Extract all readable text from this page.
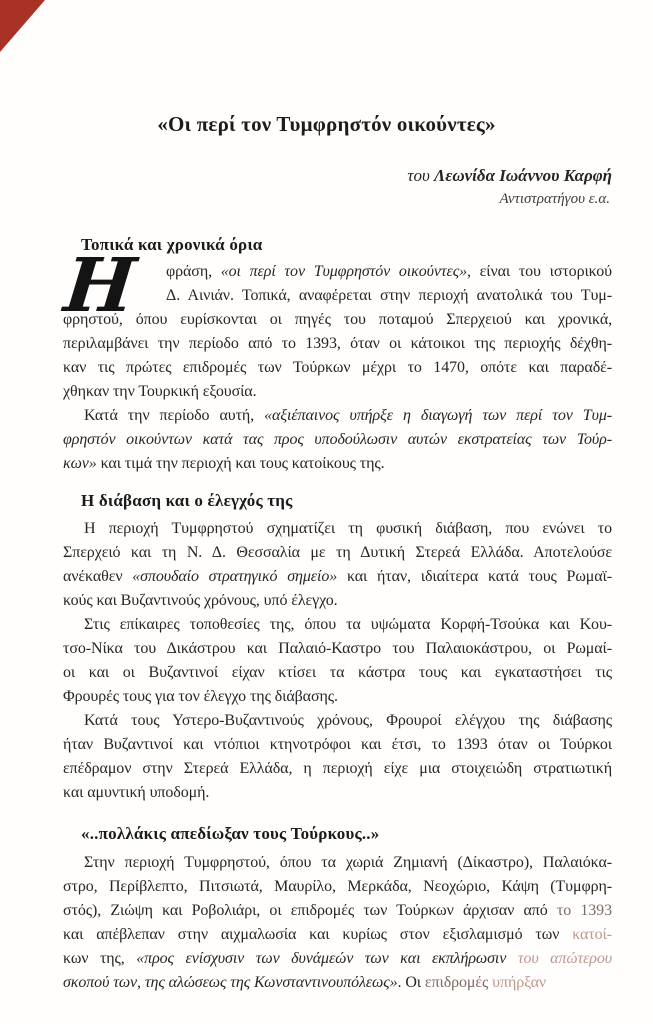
«Οι περί τον Τυμφρηστόν οικούντες»
του Λεωνίδα Ιωάννου Καρφή
Αντιστρατήγου ε.α.
Τοπικά και χρονικά όρια
Η φράση, «οι περί τον Τυμφρηστόν οικούντες», είναι του ιστορικού
Δ. Αινιάν. Τοπικά, αναφέρεται στην περιοχή ανατολικά του Τυμ-
φρηστού, όπου ευρίσκονται οι πηγές του ποταμού Σπερχειού και χρονικά,
περιλαμβάνει την περίοδο από το 1393, όταν οι κάτοικοι της περιοχής δέχθη-
καν τις πρώτες επιδρομές των Τούρκων μέχρι το 1470, οπότε και παραδέ-
χθηκαν την Τουρκική εξουσία.
Κατά την περίοδο αυτή, «αξιέπαινος υπήρξε η διαγωγή των περί τον Τυμ-
φρηστόν οικούντων κατά τας προς υποδούλωσιν αυτών εκστρατείας των Τούρ-
κων» και τιμά την περιοχή και τους κατοίκους της.
Η διάβαση και ο έλεγχός της
Η περιοχή Τυμφρηστού σχηματίζει τη φυσική διάβαση, που ενώνει το
Σπερχειό και τη Ν. Δ. Θεσσαλία με τη Δυτική Στερεά Ελλάδα. Αποτελούσε
ανέκαθεν «σπουδαίο στρατηγικό σημείο» και ήταν, ιδιαίτερα κατά τους Ρωμαϊ-
κούς και Βυζαντινούς χρόνους, υπό έλεγχο.
Στις επίκαιρες τοποθεσίες της, όπου τα υψώματα Κορφή-Τσούκα και Κου-
τσο-Νίκα του Δικάστρου και Παλαιό-Καστρο του Παλαιοκάστρου, οι Ρωμαί-
οι και οι Βυζαντινοί είχαν κτίσει τα κάστρα τους και εγκαταστήσει τις
Φρουρές τους για τον έλεγχο της διάβασης.
Κατά τους Υστερο-Βυζαντινούς χρόνους, Φρουροί ελέγχου της διάβασης
ήταν Βυζαντινοί και ντόπιοι κτηνοτρόφοι και έτσι, το 1393 όταν οι Τούρκοι
επέδραμον στην Στερεά Ελλάδα, η περιοχή είχε μια στοιχειώδη στρατιωτική
και αμυντική υποδομή.
«..πολλάκις απεδίωξαν τους Τούρκους..»
Στην περιοχή Τυμφρηστού, όπου τα χωριά Ζημιανή (Δίκαστρο), Παλαιόκα-
στρο, Περίβλεπτο, Πιτσιωτά, Μαυρίλο, Μερκάδα, Νεοχώριο, Κάψη (Τυμφρη-
στός), Ζιώψη και Ροβολιάρι, οι επιδρομές των Τούρκων άρχισαν από το 1393
και απέβλεπαν στην αιχμαλωσία και κυρίως στον εξισλαμισμό των κατοί-
κων της, «προς ενίσχυσιν των δυνάμεών των και εκπλήρωσιν του απώτερου
σκοπού των, της αλώσεως της Κωνσταντινουπόλεως». Οι επιδρομές υπήρξαν
